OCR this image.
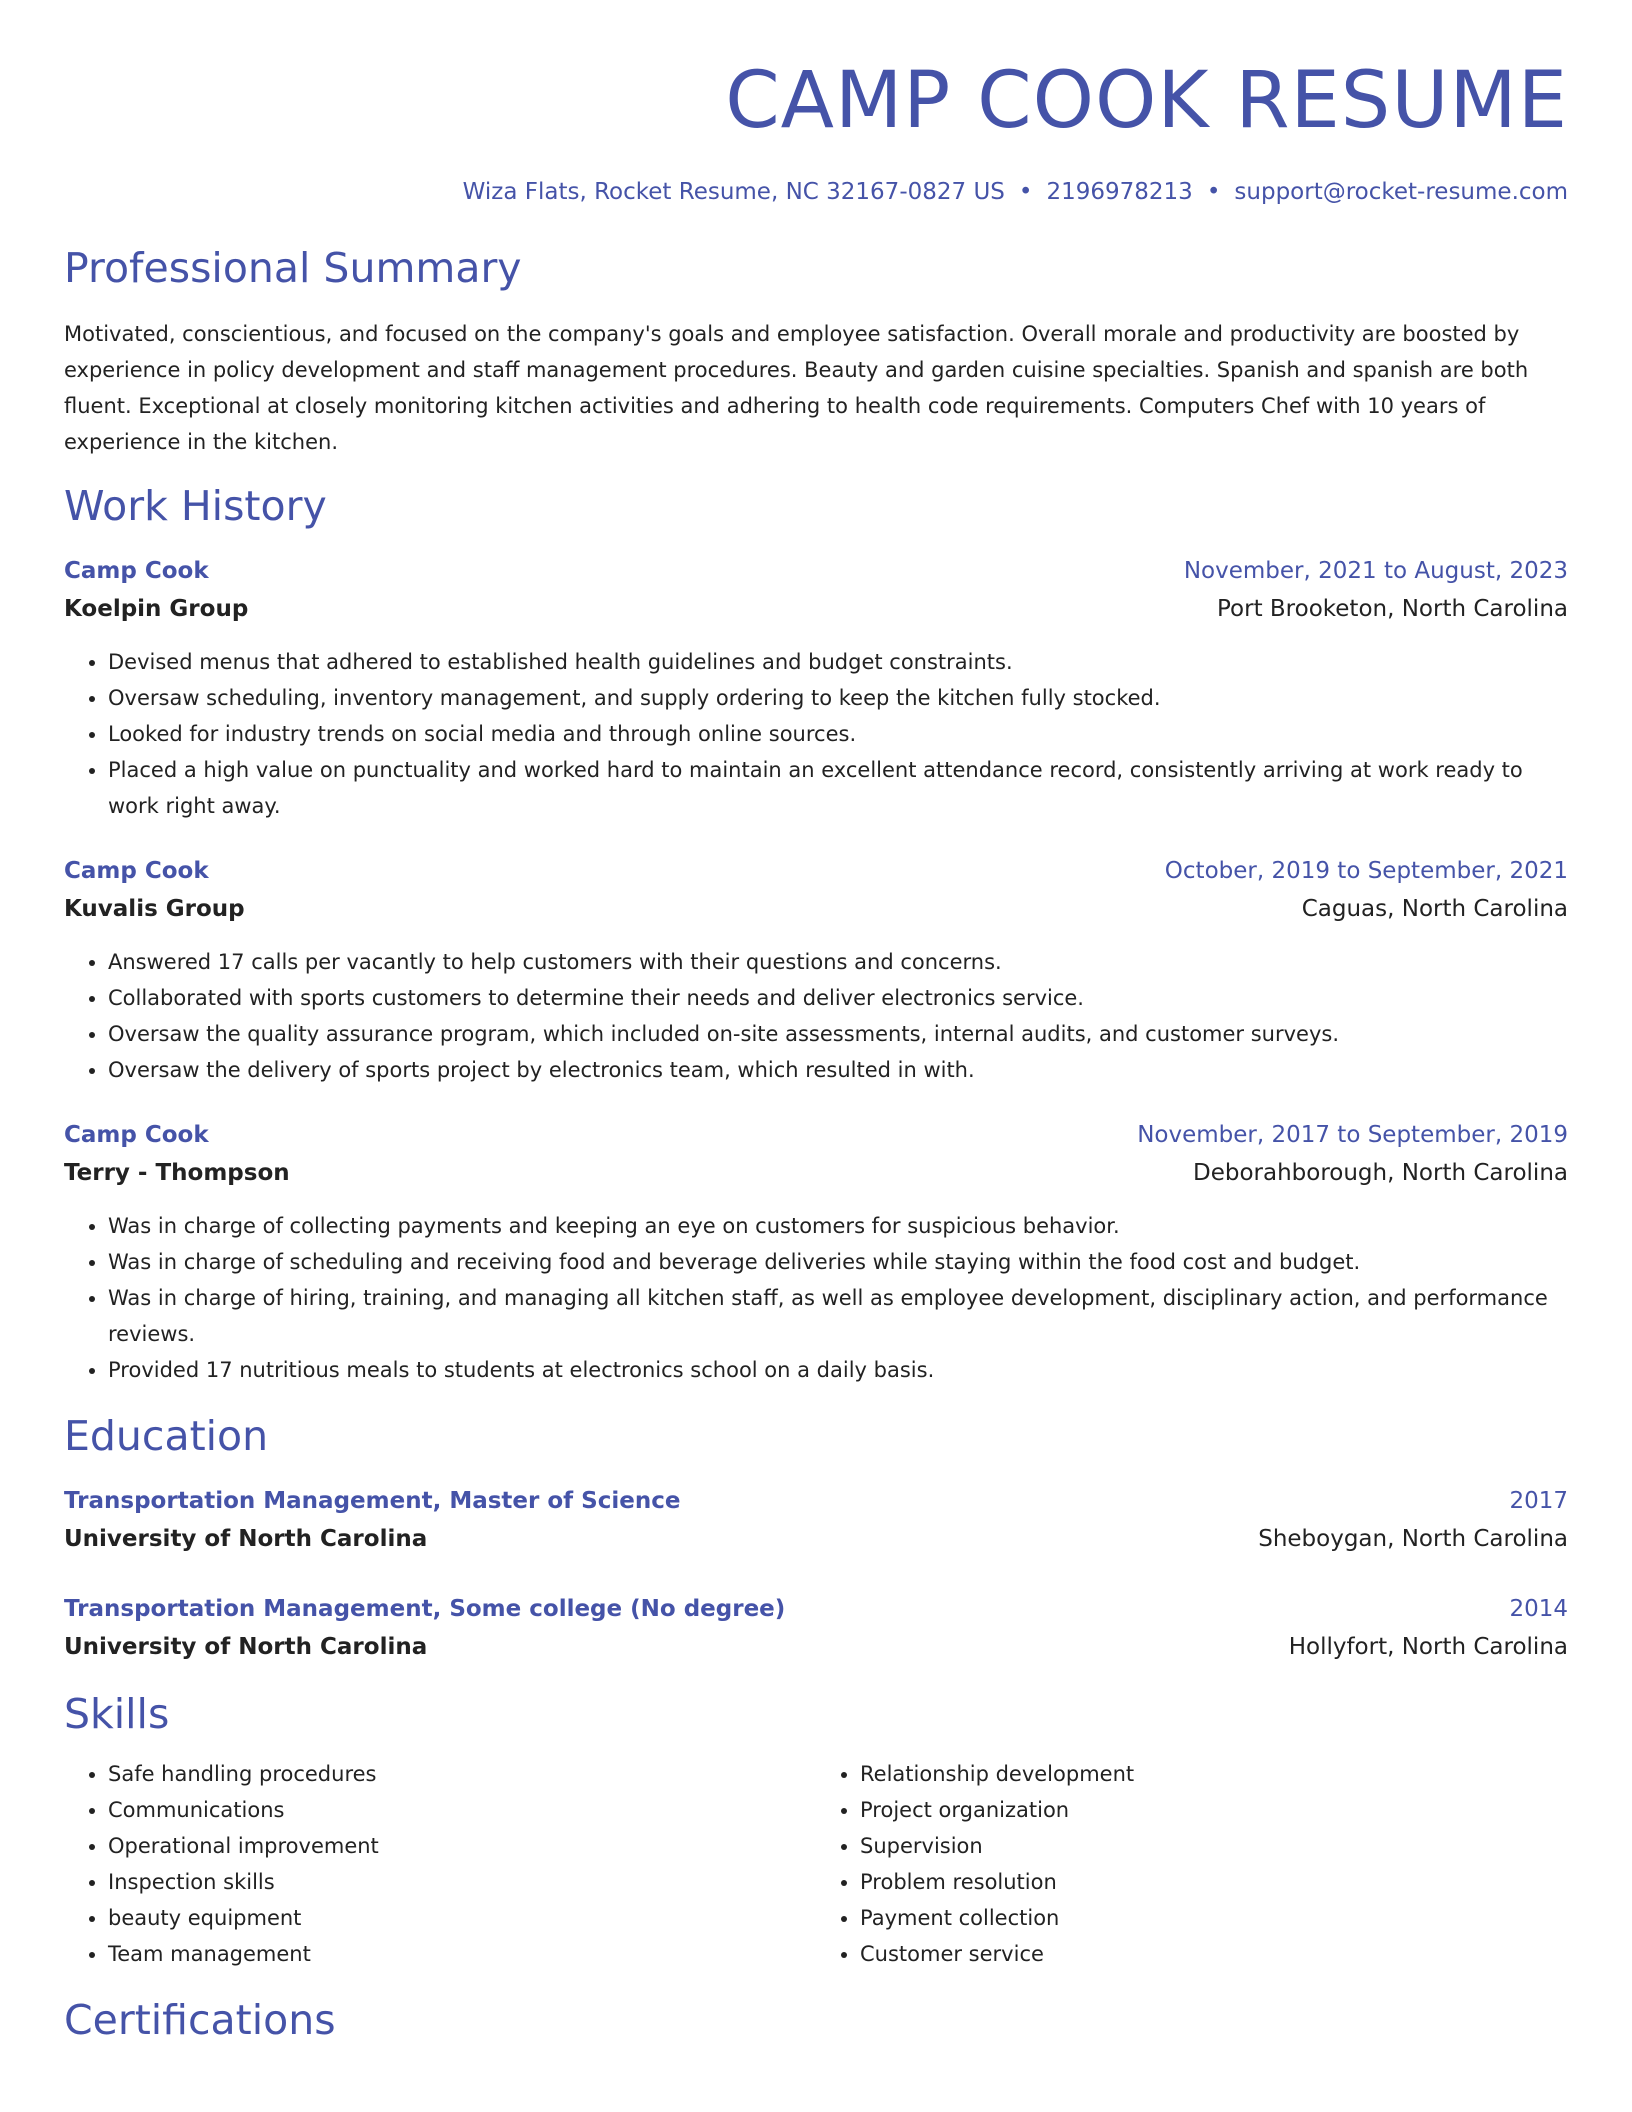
CAMP COOK RESUME
Wiza Flats, Rocket Resume, NC 32167-0827 US • 2196978213 • support@rocket-resume.com
Professional Summary
Motivated, conscientious, and focused on the company's goals and employee satisfaction. Overall morale and productivity are boosted by experience in policy development and staff management procedures. Beauty and garden cuisine specialties. Spanish and spanish are both fluent. Exceptional at closely monitoring kitchen activities and adhering to health code requirements. Computers Chef with 10 years of experience in the kitchen.
Work History
Camp Cook	November, 2021 to August, 2023
Koelpin Group	Port Brooketon, North Carolina
• Devised menus that adhered to established health guidelines and budget constraints.
• Oversaw scheduling, inventory management, and supply ordering to keep the kitchen fully stocked.
• Looked for industry trends on social media and through online sources.
• Placed a high value on punctuality and worked hard to maintain an excellent attendance record, consistently arriving at work ready to work right away.
Camp Cook	October, 2019 to September, 2021
Kuvalis Group	Caguas, North Carolina
• Answered 17 calls per vacantly to help customers with their questions and concerns.
• Collaborated with sports customers to determine their needs and deliver electronics service.
• Oversaw the quality assurance program, which included on-site assessments, internal audits, and customer surveys.
• Oversaw the delivery of sports project by electronics team, which resulted in with.
Camp Cook	November, 2017 to September, 2019
Terry - Thompson	Deborahborough, North Carolina
• Was in charge of collecting payments and keeping an eye on customers for suspicious behavior.
• Was in charge of scheduling and receiving food and beverage deliveries while staying within the food cost and budget.
• Was in charge of hiring, training, and managing all kitchen staff, as well as employee development, disciplinary action, and performance reviews.
• Provided 17 nutritious meals to students at electronics school on a daily basis.
Education
Transportation Management, Master of Science	2017
University of North Carolina	Sheboygan, North Carolina
Transportation Management, Some college (No degree)	2014
University of North Carolina	Hollyfort, North Carolina
Skills
• Safe handling procedures
• Communications
• Operational improvement
• Inspection skills
• beauty equipment
• Team management
• Relationship development
• Project organization
• Supervision
• Problem resolution
• Payment collection
• Customer service
Certifications
